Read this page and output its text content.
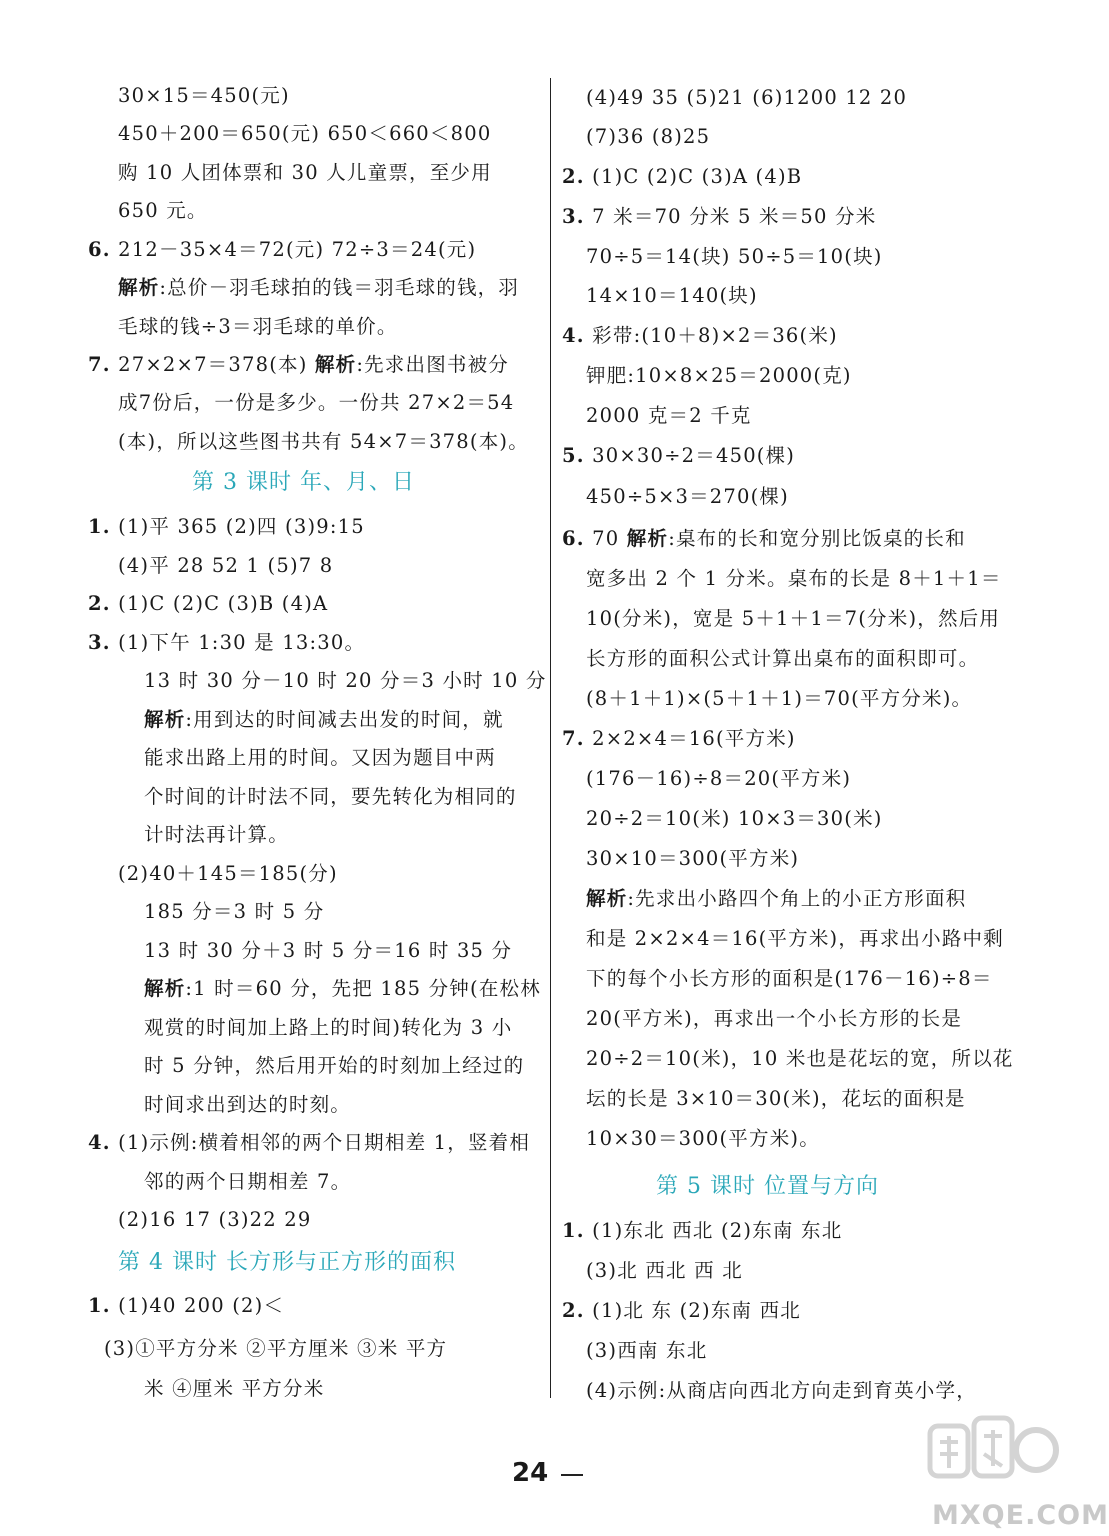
30×15＝450(元)
450＋200＝650(元) 650＜660＜800
购 10 人团体票和 30 人儿童票，至少用
650 元。
6. 212－35×4＝72(元) 72÷3＝24(元)
解析:总价－羽毛球拍的钱＝羽毛球的钱，羽
毛球的钱÷3＝羽毛球的单价。
7. 27×2×7＝378(本) 解析:先求出图书被分
成7份后，一份是多少。一份共 27×2＝54
(本)，所以这些图书共有 54×7＝378(本)。
第 3 课时 年、月、日
1. (1)平 365 (2)四 (3)9:15
(4)平 28 52 1 (5)7 8
2. (1)C (2)C (3)B (4)A
3. (1)下午 1:30 是 13:30。
13 时 30 分－10 时 20 分＝3 小时 10 分
解析:用到达的时间减去出发的时间，就
能求出路上用的时间。又因为题目中两
个时间的计时法不同，要先转化为相同的
计时法再计算。
(2)40＋145＝185(分)
185 分＝3 时 5 分
13 时 30 分＋3 时 5 分＝16 时 35 分
解析:1 时＝60 分，先把 185 分钟(在松林
观赏的时间加上路上的时间)转化为 3 小
时 5 分钟，然后用开始的时刻加上经过的
时间求出到达的时刻。
4. (1)示例:横着相邻的两个日期相差 1，竖着相
邻的两个日期相差 7。
(2)16 17 (3)22 29
第 4 课时 长方形与正方形的面积
1. (1)40 200 (2)＜
(3)①平方分米 ②平方厘米 ③米 平方
米 ④厘米 平方分米
(4)49 35 (5)21 (6)1200 12 20
(7)36 (8)25
2. (1)C (2)C (3)A (4)B
3. 7 米＝70 分米 5 米＝50 分米
70÷5＝14(块) 50÷5＝10(块)
14×10＝140(块)
4. 彩带:(10＋8)×2＝36(米)
钾肥:10×8×25＝2000(克)
2000 克＝2 千克
5. 30×30÷2＝450(棵)
450÷5×3＝270(棵)
6. 70 解析:桌布的长和宽分别比饭桌的长和
宽多出 2 个 1 分米。桌布的长是 8＋1＋1＝
10(分米)，宽是 5＋1＋1＝7(分米)，然后用
长方形的面积公式计算出桌布的面积即可。
(8＋1＋1)×(5＋1＋1)＝70(平方分米)。
7. 2×2×4＝16(平方米)
(176－16)÷8＝20(平方米)
20÷2＝10(米) 10×3＝30(米)
30×10＝300(平方米)
解析:先求出小路四个角上的小正方形面积
和是 2×2×4＝16(平方米)，再求出小路中剩
下的每个小长方形的面积是(176－16)÷8＝
20(平方米)，再求出一个小长方形的长是
20÷2＝10(米)，10 米也是花坛的宽，所以花
坛的长是 3×10＝30(米)，花坛的面积是
10×30＝300(平方米)。
第 5 课时 位置与方向
1. (1)东北 西北 (2)东南 东北
(3)北 西北 西 北
2. (1)北 东 (2)东南 西北
(3)西南 东北
(4)示例:从商店向西北方向走到育英小学，
24
MXQE.COM
